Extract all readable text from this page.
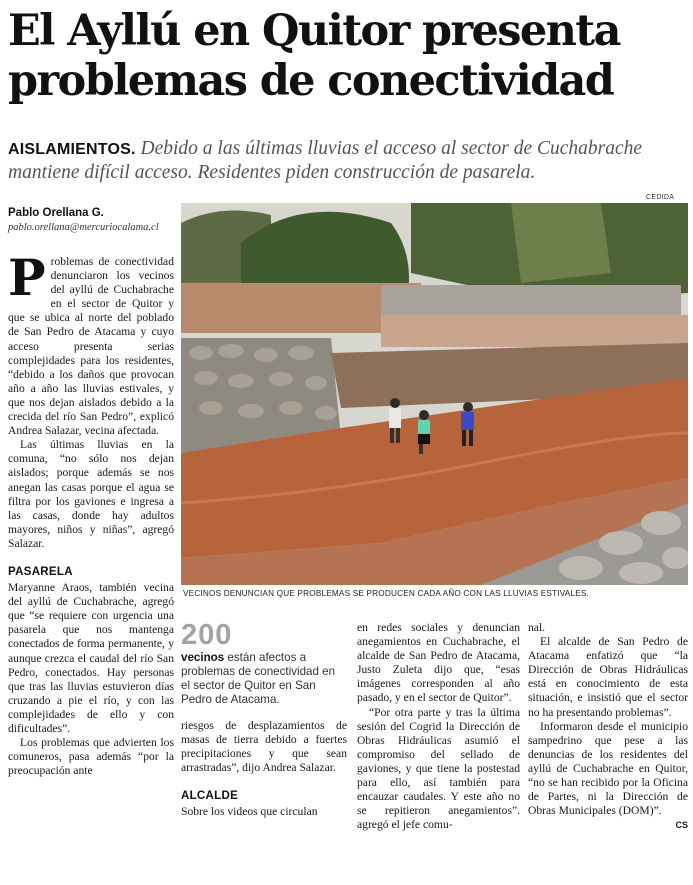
El Ayllú en Quitor presenta
problemas de conectividad
AISLAMIENTOS. Debido a las últimas lluvias el acceso al sector de Cuchabrache mantiene difícil acceso. Residentes piden construcción de pasarela.
Pablo Orellana G.
pablo.orellana@mercuriocalama.cl

Problemas de conectividad denunciaron los vecinos del ayllú de Cuchabrache en el sector de Quitor y que se ubica al norte del poblado de San Pedro de Atacama y cuyo acceso presenta serias complejidades para los residentes, “debido a los daños que provocan año a año las lluvias estivales, y que nos dejan aislados debido a la crecida del río San Pedro”, explicó Andrea Salazar, vecina afectada.

Las últimas lluvias en la comuna, “no sólo nos dejan aislados; porque además se nos anegan las casas porque el agua se filtra por los gaviones e ingresa a las casas, donde hay adultos mayores, niños y niñas”, agregó Salazar.

PASARELA

Maryanne Araos, también vecina del ayllú de Cuchabrache, agregó que “se requiere con urgencia una pasarela que nos mantenga conectados de forma permanente, y aunque crezca el caudal del río San Pedro, conectados. Hay personas que tras las lluvias estuvieron días cruzando a pie el río, y con las complejidades de ello y con dificultades”.

Los problemas que advierten los comuneros, pasa además “por la preocupación ante

CEDIDA
VECINOS DENUNCIAN QUE PROBLEMAS SE PRODUCEN CADA AÑO CON LAS LLUVIAS ESTIVALES.
200
vecinos están afectos a problemas de conectividad en el sector de Quitor en San Pedro de Atacama.

riesgos de desplazamientos de masas de tierra debido a fuertes precipitaciones y que sean arrastradas”, dijo Andrea Salazar.

ALCALDE

Sobre los videos que circulan

en redes sociales y denuncian anegamientos en Cuchabrache, el alcalde de San Pedro de Atacama, Justo Zuleta dijo que, “esas imágenes corresponden al año pasado, y en el sector de Quitor”.

“Por otra parte y tras la última sesión del Cogrid la Dirección de Obras Hidráulicas asumió el compromiso del sellado de gaviones, y que tiene la postestad para ello, así también para encauzar caudales. Y este año no se repitieron anegamientos”. agregó el jefe comu-

nal.

El alcalde de San Pedro de Atacama enfatizó que “la Dirección de Obras Hidráulicas está en conocimiento de esta situación, e insistió que el sector no ha presentando problemas”.

Informaron desde el municipio sampedrino que pese a las denuncias de los residentes del ayllú de Cuchabrache en Quitor, “no se han recibido por la Oficina de Partes, ni la Dirección de Obras Municipales (DOM)”.

CS
